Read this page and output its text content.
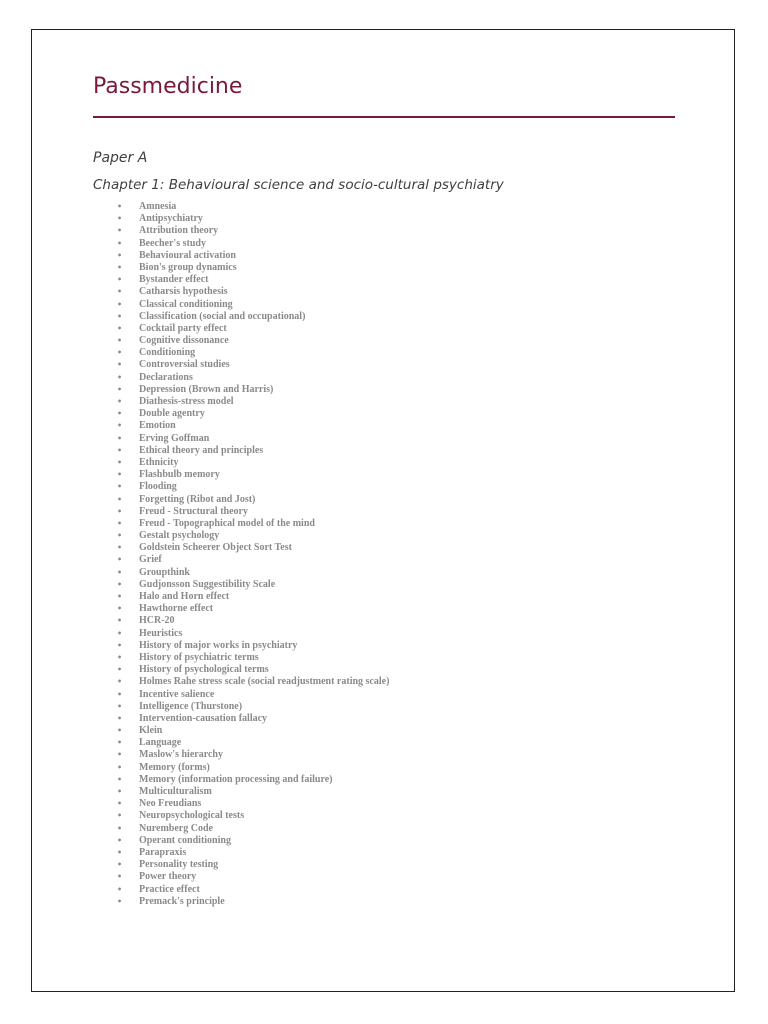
Passmedicine
Paper A
Chapter 1: Behavioural science and socio-cultural psychiatry
• Amnesia
• Antipsychiatry
• Attribution theory
• Beecher's study
• Behavioural activation
• Bion's group dynamics
• Bystander effect
• Catharsis hypothesis
• Classical conditioning
• Classification (social and occupational)
• Cocktail party effect
• Cognitive dissonance
• Conditioning
• Controversial studies
• Declarations
• Depression (Brown and Harris)
• Diathesis-stress model
• Double agentry
• Emotion
• Erving Goffman
• Ethical theory and principles
• Ethnicity
• Flashbulb memory
• Flooding
• Forgetting (Ribot and Jost)
• Freud - Structural theory
• Freud - Topographical model of the mind
• Gestalt psychology
• Goldstein Scheerer Object Sort Test
• Grief
• Groupthink
• Gudjonsson Suggestibility Scale
• Halo and Horn effect
• Hawthorne effect
• HCR-20
• Heuristics
• History of major works in psychiatry
• History of psychiatric terms
• History of psychological terms
• Holmes Rahe stress scale (social readjustment rating scale)
• Incentive salience
• Intelligence (Thurstone)
• Intervention-causation fallacy
• Klein
• Language
• Maslow's hierarchy
• Memory (forms)
• Memory (information processing and failure)
• Multiculturalism
• Neo Freudians
• Neuropsychological tests
• Nuremberg Code
• Operant conditioning
• Parapraxis
• Personality testing
• Power theory
• Practice effect
• Premack's principle
